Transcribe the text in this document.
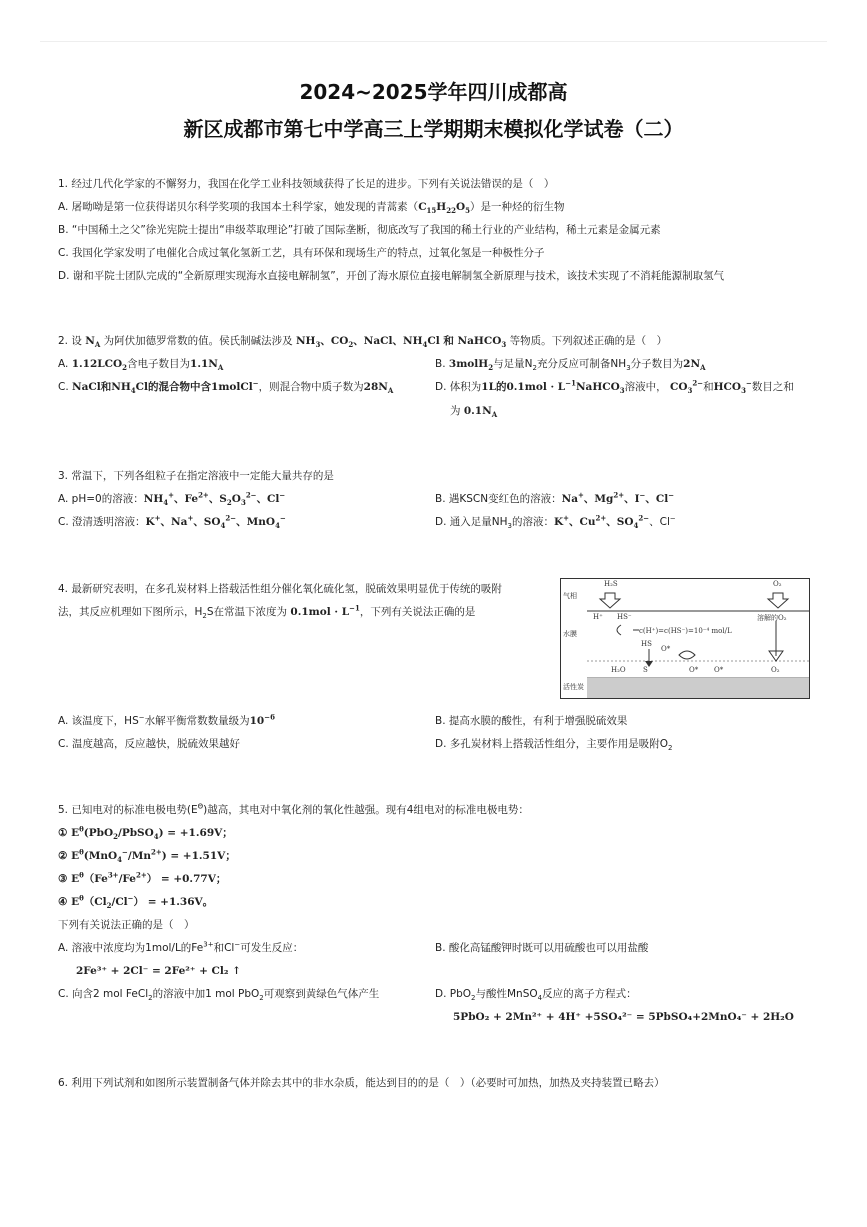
2024~2025学年四川成都高
新区成都市第七中学高三上学期期末模拟化学试卷（二）
1. 经过几代化学家的不懈努力，我国在化学工业科技领域获得了长足的进步。下列有关说法错误的是（　）
A. 屠呦呦是第一位获得诺贝尔科学奖项的我国本土科学家，她发现的青蒿素$(C_{15}H_{22}O_5)$是一种烃的衍生物
B. “中国稀土之父”徐光宪院士提出“串级萃取理论”打破了国际垄断，彻底改写了我国的稀土行业的产业结构，稀土元素是金属元素
C. 我国化学家发明了电催化合成过氧化氢新工艺，具有环保和现场生产的特点，过氧化氢是一种极性分子
D. 谢和平院士团队完成的“全新原理实现海水直接电解制氢”，开创了海水原位直接电解制氢全新原理与技术，该技术实现了不消耗能源制取氢气
2. 设 $N_A$ 为阿伏加德罗常数的值。侯氏制碱法涉及 $NH_3$、$CO_2$、NaCl、$NH_4Cl$ 和 NaHCO$_3$ 等物质。下列叙述正确的是（　）
A. $1.12LCO_2$含电子数目为$1.1N_A$	B. 3molH$_2$与足量$N_2$充分反应可制备$NH_3$分子数目为$2N_A$
C. NaCl和$NH_4Cl$的混合物中含1molCl−，则混合物中质子数为$28N_A$	D. 体积为1L的$0.1mol \cdot L^{-1}NaHCO_3$溶液中， $CO_3^{2-}$和$HCO_3^-$数目之和
为 $0.1N_A$
3. 常温下，下列各组粒子在指定溶液中一定能大量共存的是
A. pH=0的溶液：$NH_4^+$、$Fe^{2+}$、$S_2O_3^{2-}$、Cl−	B. 遇KSCN变红色的溶液：Na+、$Mg^{2+}$、I−、Cl−
C. 澄清透明溶液：K+、Na+、$SO_4^{2-}$、MnO$_4$−	D. 通入足量$NH_3$的溶液：K+、$Cu^{2+}$、$SO_4^{2-}$、Cl−
4. 最新研究表明，在多孔炭材料上搭载活性组分催化氧化硫化氢，脱硫效果明显优于传统的吸附
法，其反应机理如下图所示，$H_2S$在常温下浓度为 $0.1mol \cdot L^{-1}$，下列有关说法正确的是
气相
水膜
活性炭
H₂S	O₂
H⁺ HS⁻	溶解的O₂
c(H⁺)=c(HS⁻)=10⁻⁴ mol/L
HS
O*
O* O*
H₂O S	O₂
A. 该温度下，HS−水解平衡常数数量级为$10^{-6}$	B. 提高水膜的酸性，有利于增强脱硫效果
C. 温度越高，反应越快，脱硫效果越好	D. 多孔炭材料上搭载活性组分，主要作用是吸附$O_2$
5. 已知电对的标准电极电势$(E^\Theta)$越高，其电对中氧化剂的氧化性越强。现有4组电对的标准电极电势：
① $E^\theta(PbO_2/PbSO_4) = +1.69V$；
② $E^\theta(MnO_4^-/Mn^{2+}) = +1.51V$；
③ $E^\theta(Fe^{3+}/Fe^{2+}) = +0.77V$；
④ $E^\theta(Cl_2/Cl^-) = +1.36V$。
下列有关说法正确的是（　）
A. 溶液中浓度均为1mol/L的$Fe^{3+}$和Cl−可发生反应：
2Fe³⁺ + 2Cl⁻ = 2Fe²⁺ + Cl₂ ↑
B. 酸化高锰酸钾时既可以用硫酸也可以用盐酸
C. 向含2 mol FeCl$_2$的溶液中加1 mol PbO$_2$可观察到黄绿色气体产生	D. PbO$_2$与酸性MnSO$_4$反应的离子方程式：
5PbO₂ + 2Mn²⁺ + 4H⁺ +5SO₄²⁻ = 5PbSO₄+2MnO₄⁻ + 2H₂O
6. 利用下列试剂和如图所示装置制备气体并除去其中的非水杂质，能达到目的的是（　）（必要时可加热，加热及夹持装置已略去）
